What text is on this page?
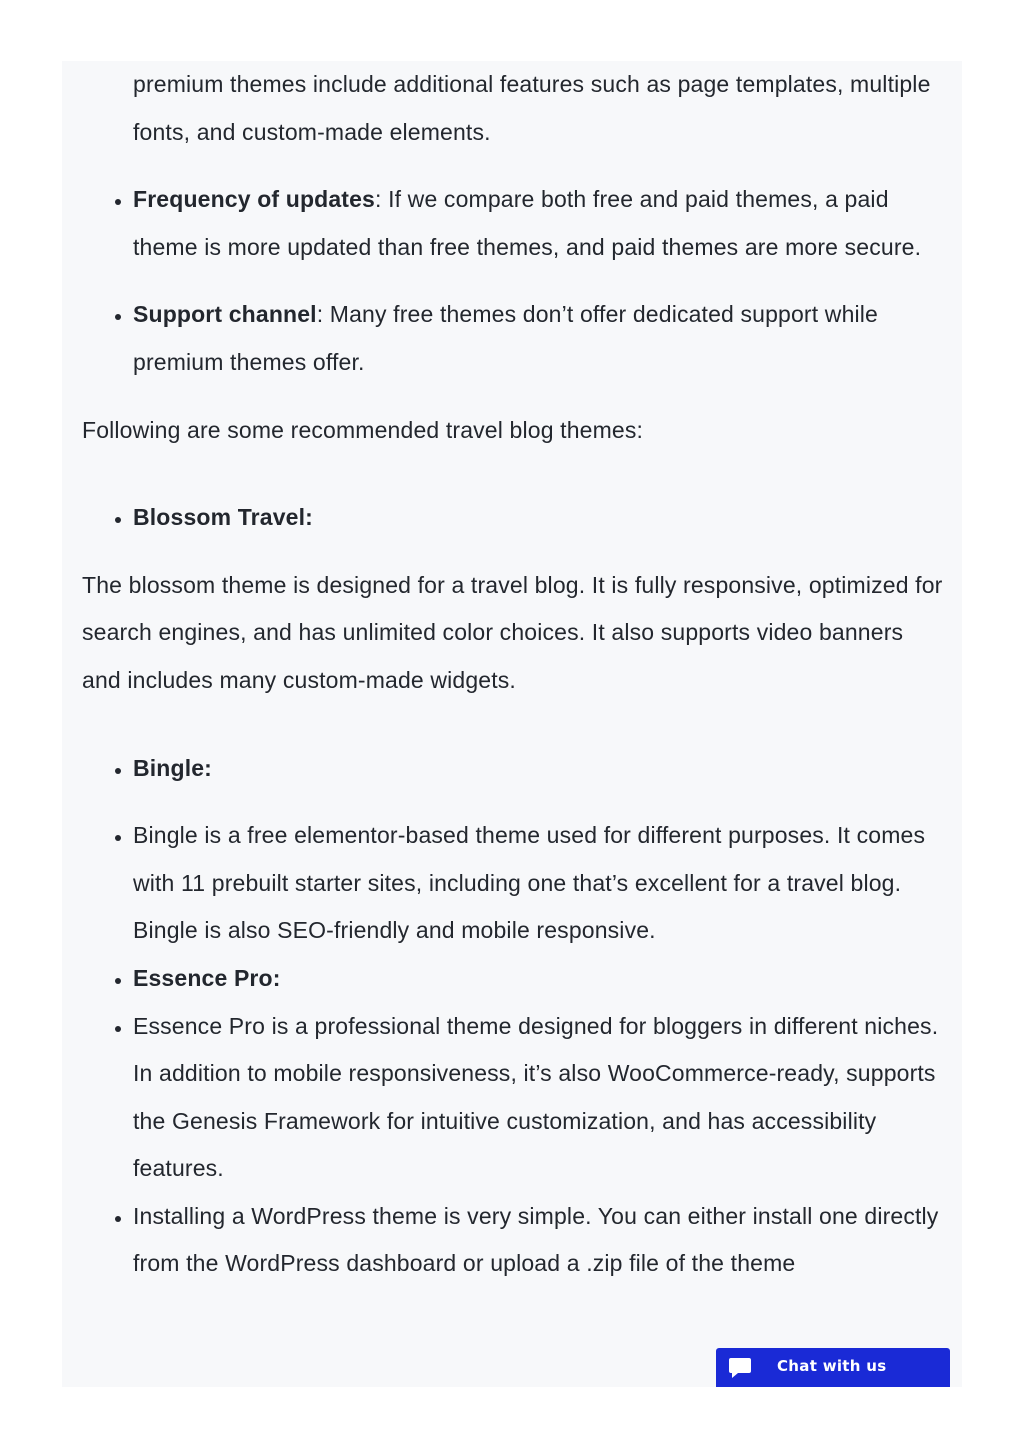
premium themes include additional features such as page templates, multiple fonts, and custom-made elements.
• Frequency of updates: If we compare both free and paid themes, a paid theme is more updated than free themes, and paid themes are more secure.
• Support channel: Many free themes don’t offer dedicated support while premium themes offer.

Following are some recommended travel blog themes:

• Blossom Travel:

The blossom theme is designed for a travel blog. It is fully responsive, optimized for search engines, and has unlimited color choices. It also supports video banners and includes many custom-made widgets.

• Bingle:
• Bingle is a free elementor-based theme used for different purposes. It comes with 11 prebuilt starter sites, including one that’s excellent for a travel blog. Bingle is also SEO-friendly and mobile responsive.
• Essence Pro:
• Essence Pro is a professional theme designed for bloggers in different niches. In addition to mobile responsiveness, it’s also WooCommerce-ready, supports the Genesis Framework for intuitive customization, and has accessibility features.
• Installing a WordPress theme is very simple. You can either install one directly from the WordPress dashboard or upload a .zip file of the theme
Chat with us
